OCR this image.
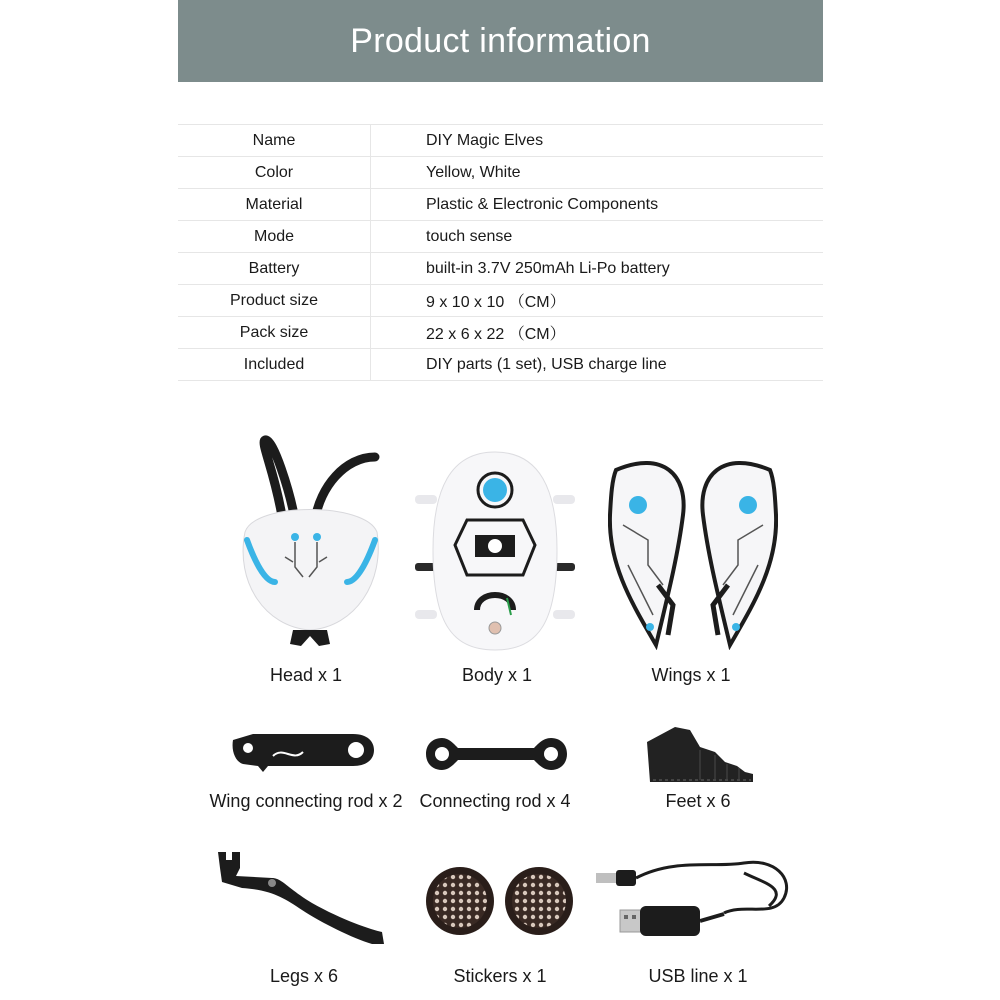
Product information
Name	DIY Magic Elves
Color	Yellow, White
Material	Plastic & Electronic Components
Mode	touch sense
Battery	built-in 3.7V 250mAh Li-Po battery
Product size	9 x 10 x 10 （CM）
Pack size	22 x 6 x 22 （CM）
Included	DIY parts (1 set), USB charge line
Head x 1	Body x 1	Wings x 1
Wing connecting rod x 2 Connecting rod x 4	Feet x 6
Legs x 6	Stickers x 1	USB line x 1
